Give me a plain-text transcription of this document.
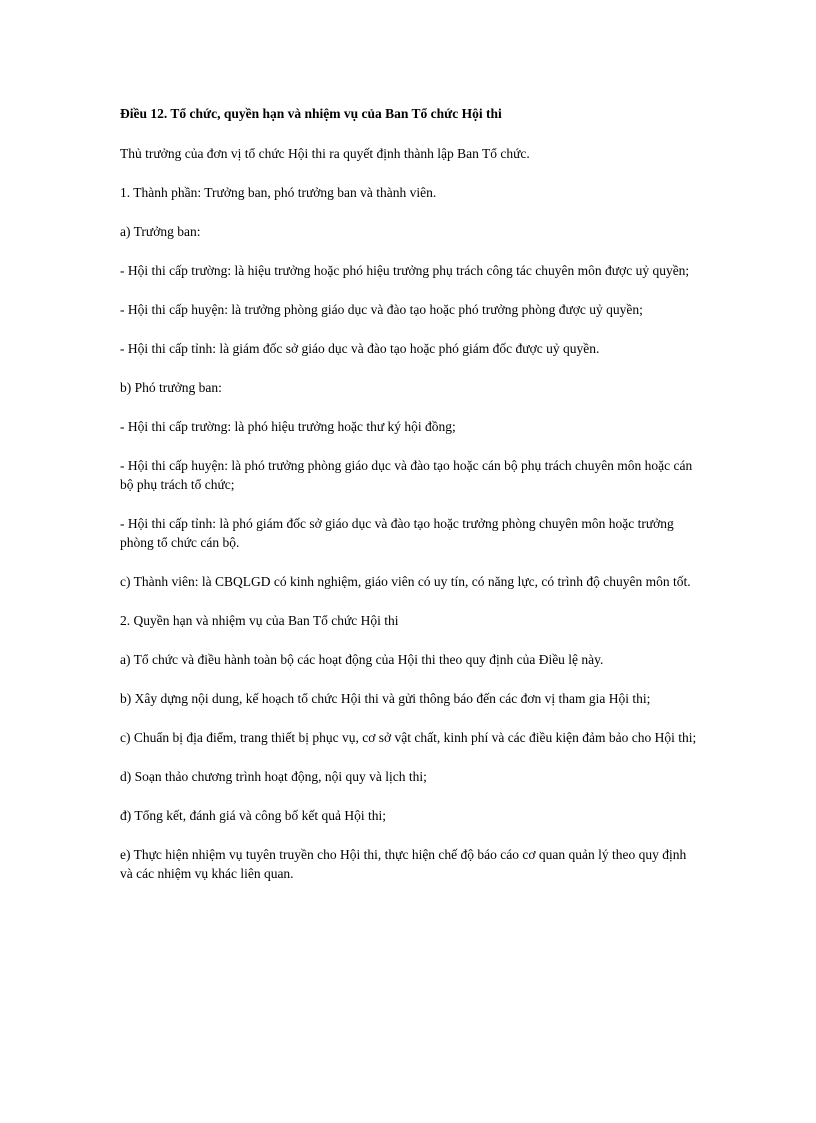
Điều 12. Tổ chức, quyền hạn và nhiệm vụ của Ban Tổ chức Hội thi

Thủ trưởng của đơn vị tổ chức Hội thi ra quyết định thành lập Ban Tổ chức.

1. Thành phần: Trưởng ban, phó trưởng ban và thành viên.

a) Trưởng ban:

- Hội thi cấp trường: là hiệu trưởng hoặc phó hiệu trưởng phụ trách công tác chuyên môn được uỷ quyền;

- Hội thi cấp huyện: là trưởng phòng giáo dục và đào tạo hoặc phó trưởng phòng được uỷ quyền;

- Hội thi cấp tỉnh: là giám đốc sở giáo dục và đào tạo hoặc phó giám đốc được uỷ quyền.

b) Phó trưởng ban:

- Hội thi cấp trường: là phó hiệu trưởng hoặc thư ký hội đồng;

- Hội thi cấp huyện: là phó trưởng phòng giáo dục và đào tạo hoặc cán bộ phụ trách chuyên môn hoặc cán bộ phụ trách tổ chức;

- Hội thi cấp tỉnh: là phó giám đốc sở giáo dục và đào tạo hoặc trưởng phòng chuyên môn hoặc trưởng phòng tổ chức cán bộ.

c) Thành viên: là CBQLGD có kinh nghiệm, giáo viên có uy tín, có năng lực, có trình độ chuyên môn tốt.

2. Quyền hạn và nhiệm vụ của Ban Tổ chức Hội thi

a) Tổ chức và điều hành toàn bộ các hoạt động của Hội thi theo quy định của Điều lệ này.

b) Xây dựng nội dung, kế hoạch tổ chức Hội thi và gửi thông báo đến các đơn vị tham gia Hội thi;

c) Chuẩn bị địa điểm, trang thiết bị phục vụ, cơ sở vật chất, kinh phí và các điều kiện đảm bảo cho Hội thi;

d) Soạn thảo chương trình hoạt động, nội quy và lịch thi;

đ) Tổng kết, đánh giá và công bố kết quả Hội thi;

e) Thực hiện nhiệm vụ tuyên truyền cho Hội thi, thực hiện chế độ báo cáo cơ quan quản lý theo quy định và các nhiệm vụ khác liên quan.
